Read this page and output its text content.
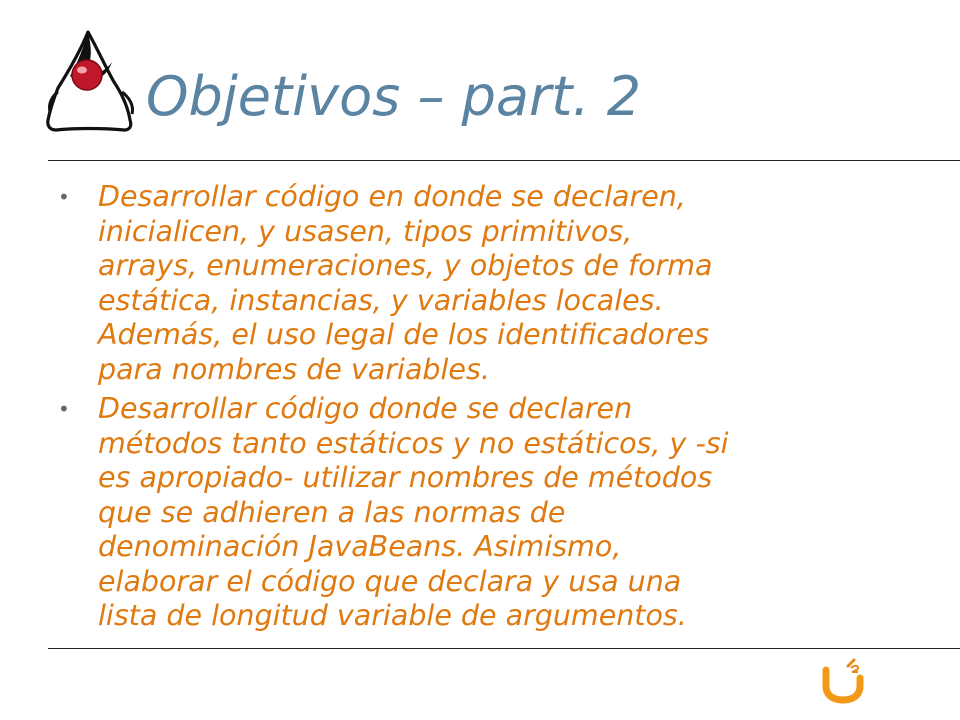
Objetivos – part. 2
• Desarrollar código en donde se declaren,
inicialicen, y usasen, tipos primitivos,
arrays, enumeraciones, y objetos de forma
estática, instancias, y variables locales.
Además, el uso legal de los identificadores
para nombres de variables.
• Desarrollar código donde se declaren
métodos tanto estáticos y no estáticos, y -si
es apropiado- utilizar nombres de métodos
que se adhieren a las normas de
denominación JavaBeans. Asimismo,
elaborar el código que declara y usa una
lista de longitud variable de argumentos.
